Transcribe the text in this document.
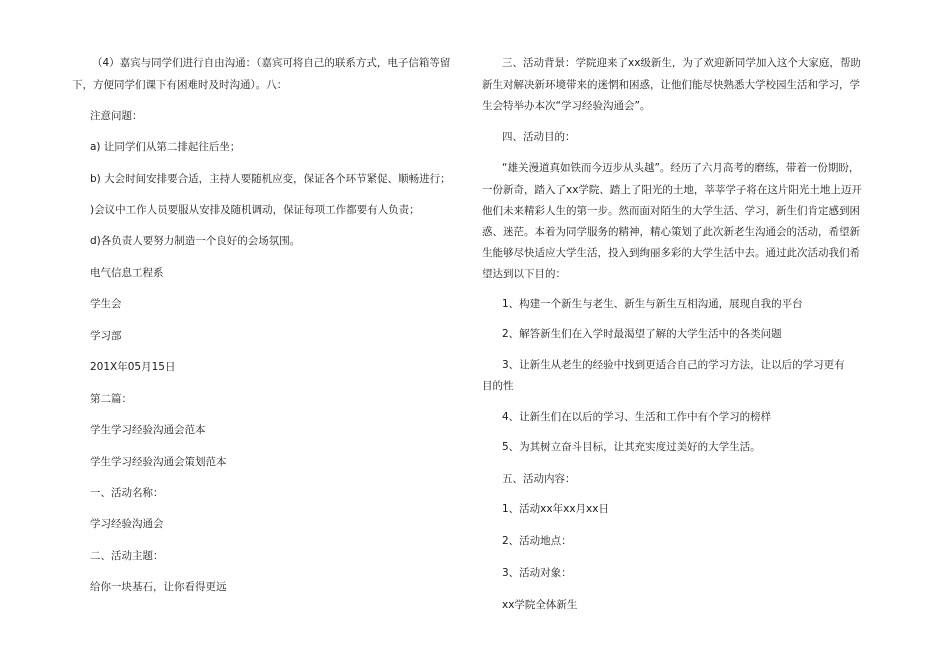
（4）嘉宾与同学们进行自由沟通：（嘉宾可将自己的联系方式，电子信箱等留
下，方便同学们课下有困难时及时沟通）。八：
注意问题：
a) 让同学们从第二排起往后坐；
b) 大会时间安排要合适，主持人要随机应变，保证各个环节紧促、顺畅进行；
)会议中工作人员要服从安排及随机调动，保证每项工作都要有人负责；
d)各负责人要努力制造一个良好的会场氛围。
电气信息工程系
学生会
学习部
201X年05月15日
第二篇：
学生学习经验沟通会范本
学生学习经验沟通会策划范本
一、活动名称：
学习经验沟通会
二、活动主题：
给你一块基石，让你看得更远
三、活动背景：学院迎来了xx级新生，为了欢迎新同学加入这个大家庭，帮助
新生对解决新环境带来的迷惘和困惑，让他们能尽快熟悉大学校园生活和学习，学
生会特举办本次“学习经验沟通会”。
四、活动目的：
“雄关漫道真如铁而今迈步从头越”。经历了六月高考的磨练，带着一份期盼，
一份新奇，踏入了xx学院、踏上了阳光的土地，莘莘学子将在这片阳光土地上迈开
他们未来精彩人生的第一步。然而面对陌生的大学生活、学习，新生们肯定感到困
惑、迷茫。本着为同学服务的精神，精心策划了此次新老生沟通会的活动，希望新
生能够尽快适应大学生活，投入到绚丽多彩的大学生活中去。通过此次活动我们希
望达到以下目的：
1、构建一个新生与老生、新生与新生互相沟通，展现自我的平台
2、解答新生们在入学时最渴望了解的大学生活中的各类问题
3、让新生从老生的经验中找到更适合自己的学习方法，让以后的学习更有
目的性
4、让新生们在以后的学习、生活和工作中有个学习的榜样
5、为其树立奋斗目标，让其充实度过美好的大学生活。
五、活动内容：
1、活动xx年xx月xx日
2、活动地点：
3、活动对象：
xx学院全体新生
